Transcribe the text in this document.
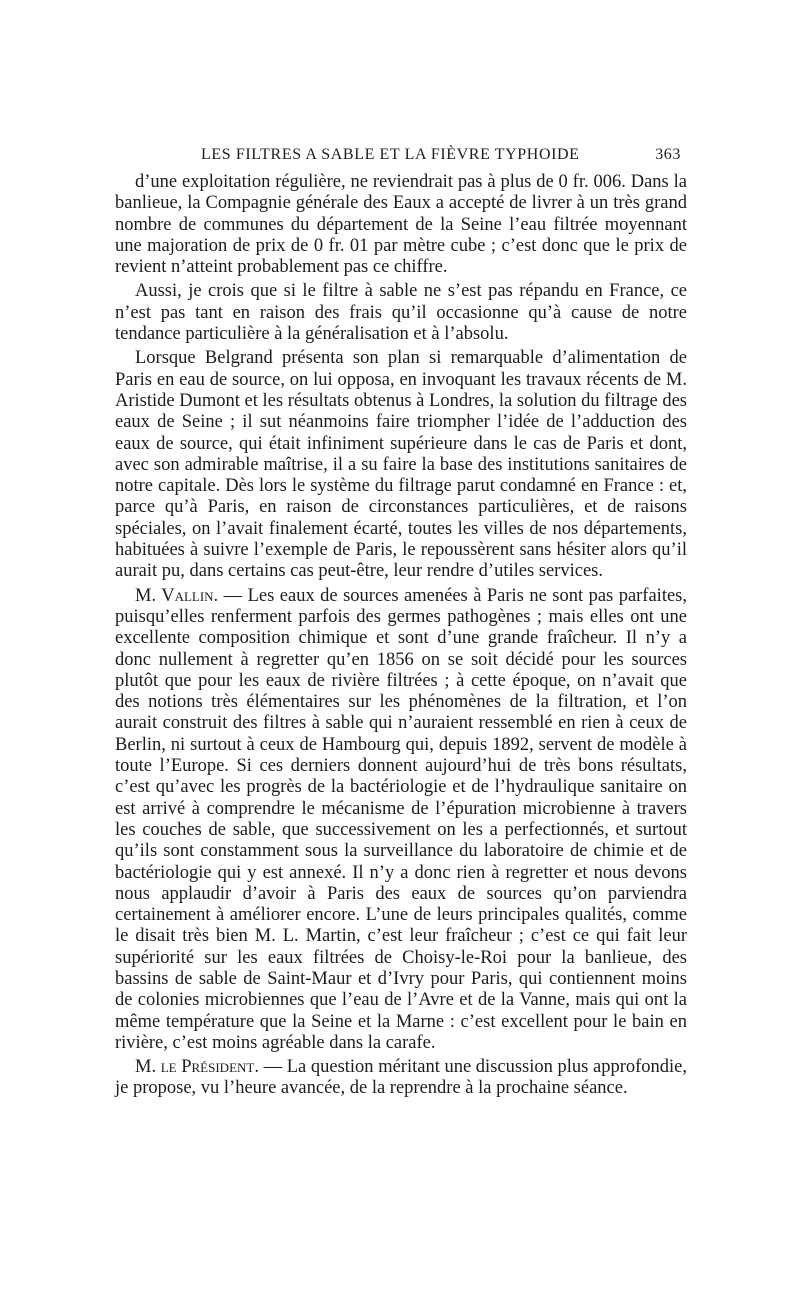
LES FILTRES A SABLE ET LA FIÈVRE TYPHOIDE	363

d’une exploitation régulière, ne reviendrait pas à plus de 0 fr. 006. Dans la banlieue, la Compagnie générale des Eaux a accepté de livrer à un très grand nombre de communes du département de la Seine l’eau filtrée moyennant une majoration de prix de 0 fr. 01 par mètre cube ; c’est donc que le prix de revient n’atteint probablement pas ce chiffre.

Aussi, je crois que si le filtre à sable ne s’est pas répandu en France, ce n’est pas tant en raison des frais qu’il occasionne qu’à cause de notre tendance particulière à la généralisation et à l’absolu.

Lorsque Belgrand présenta son plan si remarquable d’alimentation de Paris en eau de source, on lui opposa, en invoquant les travaux récents de M. Aristide Dumont et les résultats obtenus à Londres, la solution du filtrage des eaux de Seine ; il sut néanmoins faire triompher l’idée de l’adduction des eaux de source, qui était infiniment supérieure dans le cas de Paris et dont, avec son admirable maîtrise, il a su faire la base des institutions sanitaires de notre capitale. Dès lors le système du filtrage parut condamné en France : et, parce qu’à Paris, en raison de circonstances particulières, et de raisons spéciales, on l’avait finalement écarté, toutes les villes de nos départements, habituées à suivre l’exemple de Paris, le repoussèrent sans hésiter alors qu’il aurait pu, dans certains cas peut-être, leur rendre d’utiles services.

M. Vallin. — Les eaux de sources amenées à Paris ne sont pas parfaites, puisqu’elles renferment parfois des germes pathogènes ; mais elles ont une excellente composition chimique et sont d’une grande fraîcheur. Il n’y a donc nullement à regretter qu’en 1856 on se soit décidé pour les sources plutôt que pour les eaux de rivière filtrées ; à cette époque, on n’avait que des notions très élémentaires sur les phénomènes de la filtration, et l’on aurait construit des filtres à sable qui n’auraient ressemblé en rien à ceux de Berlin, ni surtout à ceux de Hambourg qui, depuis 1892, servent de modèle à toute l’Europe. Si ces derniers donnent aujourd’hui de très bons résultats, c’est qu’avec les progrès de la bactériologie et de l’hydraulique sanitaire on est arrivé à comprendre le mécanisme de l’épuration microbienne à travers les couches de sable, que successivement on les a perfectionnés, et surtout qu’ils sont constamment sous la surveillance du laboratoire de chimie et de bactériologie qui y est annexé. Il n’y a donc rien à regretter et nous devons nous applaudir d’avoir à Paris des eaux de sources qu’on parviendra certainement à améliorer encore. L’une de leurs principales qualités, comme le disait très bien M. L. Martin, c’est leur fraîcheur ; c’est ce qui fait leur supériorité sur les eaux filtrées de Choisy-le-Roi pour la banlieue, des bassins de sable de Saint-Maur et d’Ivry pour Paris, qui contiennent moins de colonies microbiennes que l’eau de l’Avre et de la Vanne, mais qui ont la même température que la Seine et la Marne : c’est excellent pour le bain en rivière, c’est moins agréable dans la carafe.

M. le Président. — La question méritant une discussion plus approfondie, je propose, vu l’heure avancée, de la reprendre à la prochaine séance.
